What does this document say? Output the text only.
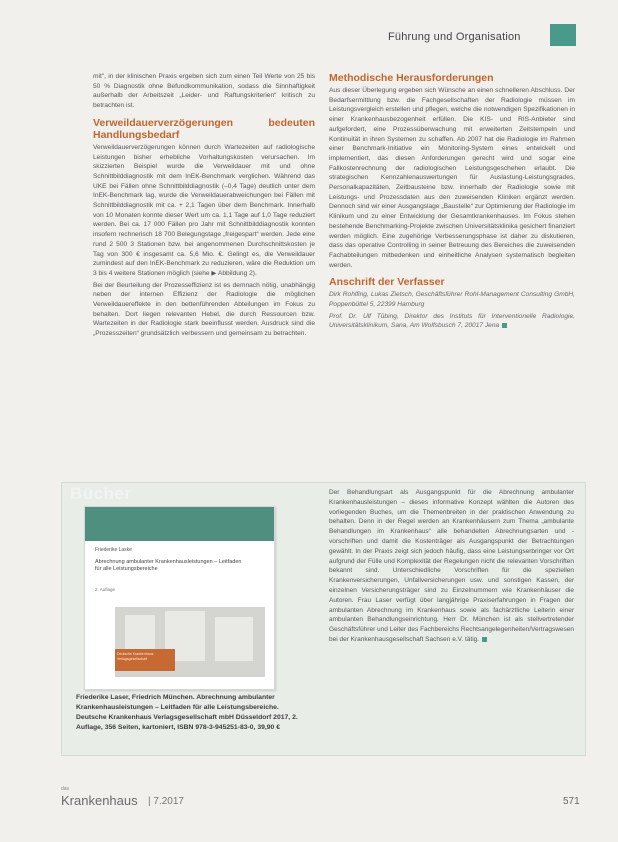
Führung und Organisation

mit", in der klinischen Praxis ergeben sich zum einen Teil Werte von 25 bis 50 % Diagnostik ohne Befundkommunikation, sodass die Sinnhaftigkeit außerhalb der Arbeitszeit „Leider- und Raftungskriterien“ kritisch zu betrachten ist.

Verweildauerverzögerungen bedeuten Handlungsbedarf

Verweildauerverzögerungen können durch Wartezeiten auf radiologische Leistungen bisher erhebliche Vorhaltungskosten verursachen. Im skizzierten Beispiel wurde die Verweildauer mit und ohne Schnittbilddiagnostik mit dem InEK-Benchmark verglichen. Während das UKE bei Fällen ohne Schnittbilddiagnostik (–0,4 Tage) deutlich unter dem InEK-Benchmark lag, wurde die Verweildauerabweichungen bei Fällen mit Schnittbilddiagnostik mit ca. + 2,1 Tagen über dem Benchmark. Innerhalb von 10 Monaten konnte dieser Wert um ca. 1,1 Tage auf 1,0 Tage reduziert werden. Bei ca. 17 000 Fällen pro Jahr mit Schnittbilddiagnostik konnten insofern rechnerisch 18 700 Belegungstage „freigespart“ werden. Jede eine rund 2 500 3 Stationen bzw. bei angenommenen Durchschnittskosten je Tag von 300 € insgesamt ca. 5,6 Mio. €. Gelingt es, die Verweildauer zumindest auf den InEK-Benchmark zu reduzieren, wäre die Reduktion um 3 bis 4 weitere Stationen möglich (siehe ▶ Abbildung 2).

Bei der Beurteilung der Prozesseffizienz ist es demnach nötig, unabhängig neben der internen Effizienz der Radiologie die möglichen Verweildauereffekte in den bettenführenden Abteilungen im Fokus zu behalten. Dort liegen relevanten Hebel, die durch Ressourcen bzw. Wartezeiten in der Radiologie stark beeinflusst werden. Ausdruck sind die „Prozesszeiten“ grundsätzlich verbessern und gemeinsam zu betrachten.

Methodische Herausforderungen

Aus dieser Überlegung ergeben sich Wünsche an einen schnelleren Abschluss. Der Bedarfsermittlung bzw. die Fachgesellschaften der Radiologie müssen im Leistungsvergleich erstellen und pflegen, welche die notwendigen Spezifikationen in einer Krankenhausbezogenheit erfüllen. Die KIS- und RIS-Anbieter sind aufgefordert, eine Prozessüberwachung mit erweiterten Zeitstempeln und Kontinuität in ihren Systemen zu schaffen. Ab 2007 hat die Radiologie im Rahmen einer Benchmark-Initiative ein Monitoring-System eines entwickelt und implementiert, das diesen Anforderungen gerecht wird und sogar eine Fallkostenrechnung der radiologischen Leistungsgeschehen erlaubt. Die strategischen Kennzahlenauswertungen für Auslastung-Leistungsgrades, Personalkapazitäten, Zeitbausteine bzw. innerhalb der Radiologie sowie mit Leistungs- und Prozessdaten aus den zuweisenden Kliniken ergänzt werden. Dennoch sind wir einer Ausgangslage „Baustelle“ zur Optimierung der Radiologie im Klinikum und zu einer Entwicklung der Gesamtkrankenhauses. Im Fokus stehen bestehende Benchmarking-Projekte zwischen Universitätsklinika gesichert finanziert werden möglich. Eine zugehörige Verbesserungsphase ist daher zu diskutieren, dass das operative Controlling in seiner Betreuung des Bereiches die zuweisenden Fachabteilungen mitbedenken und einheitliche Analysen systematisch begleiten werden.

Anschrift der Verfasser

Dirk Rohlfing, Lukas Zietsch, Geschäftsführer Rohl-Management Consulting GmbH, Poppenbüttel 5, 22399 Hamburg

Prof. Dr. Ulf Tübing, Direktor des Instituts für Interventionelle Radiologie, Universitätsklinikum, Sana, Am Wolfsbusch 7, 20017 Jena

Bücher
Friederike Laske
Abrechnung ambulanter Krankenhausleistungen – Leitfaden für alle Leistungsbereiche
2. Auflage
Deutsche Krankenhaus Verlagsgesellschaft
Friederike Laser, Friedrich München. Abrechnung ambulanter Krankenhausleistungen – Leitfaden für alle Leistungsbereiche. Deutsche Krankenhaus Verlagsgesellschaft mbH Düsseldorf 2017, 2. Auflage, 356 Seiten, kartoniert, ISBN 978-3-945251-83-0, 39,90 €
Der Behandlungsart als Ausgangspunkt für die Abrechnung ambulanter Krankenhausleistungen – dieses informative Konzept wählten die Autoren des vorliegenden Buches, um die Themenbreiten in der praktischen Anwendung zu behalten. Denn in der Regel werden an Krankenhäusern zum Thema „ambulante Behandlungen im Krankenhaus“ alle behandelten Abrechnungsarten und -vorschriften und damit die Kostenträger als Ausgangspunkt der Betrachtungen gewählt. In der Praxis zeigt sich jedoch häufig, dass eine Leistungserbringer vor Ort aufgrund der Fülle und Komplexität der Regelungen nicht die relevanten Vorschriften bekannt sind. Unterschiedliche Vorschriften für die speziellen Krankenversicherungen, Unfallversicherungen usw. und sonstigen Kassen, der einzelnen Versicherungsträger sind zu Einzelnummern wie Krankenhäuser die Autoren. Frau Laser verfügt über langjährige Praxiserfahrungen in Fragen der ambulanten Abrechnung im Krankenhaus sowie als fachärztliche Leiterin einer ambulanten Behandlungseinrichtung. Herr Dr. München ist als stellvertretender Geschäftsführer und Leiter des Fachbereichs Rechtsangelegenheiten/Vertragswesen bei der Krankenhausgesellschaft Sachsen e.V. tätig.
das
Krankenhaus | 7.2017	571
